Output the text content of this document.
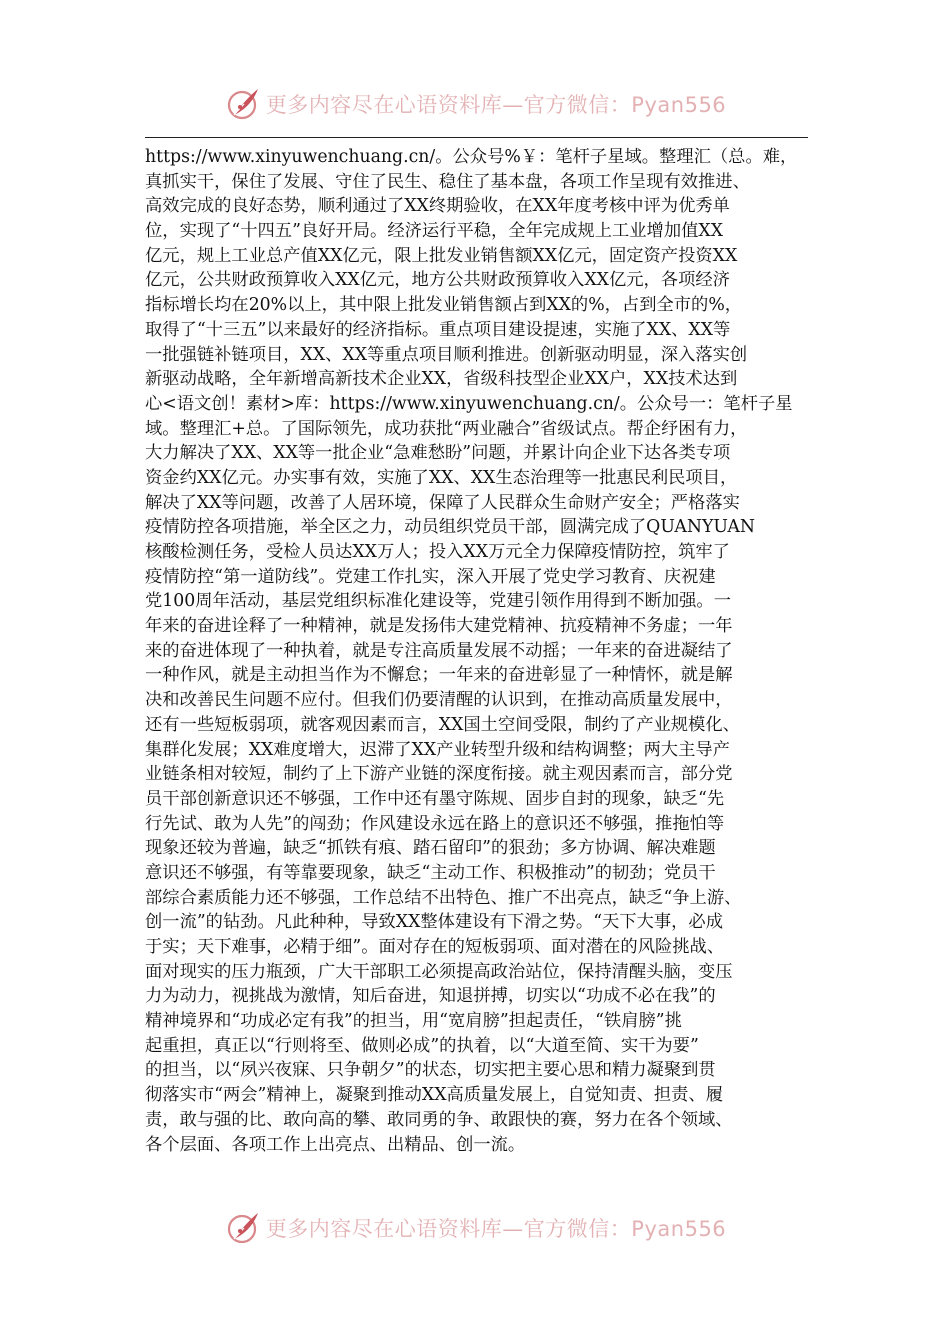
更多内容尽在心语资料库—官方微信：Pyan556
https://www.xinyuwenchuang.cn/。公众号%￥：笔杆子星域。整理汇（总。难，
真抓实干，保住了发展、守住了民生、稳住了基本盘，各项工作呈现有效推进、
高效完成的良好态势，顺利通过了XX终期验收，在XX年度考核中评为优秀单
位，实现了“十四五”良好开局。经济运行平稳，全年完成规上工业增加值XX
亿元，规上工业总产值XX亿元，限上批发业销售额XX亿元，固定资产投资XX
亿元，公共财政预算收入XX亿元，地方公共财政预算收入XX亿元，各项经济
指标增长均在20%以上，其中限上批发业销售额占到XX的%，占到全市的%，
取得了“十三五”以来最好的经济指标。重点项目建设提速，实施了XX、XX等
一批强链补链项目，XX、XX等重点项目顺利推进。创新驱动明显，深入落实创
新驱动战略，全年新增高新技术企业XX，省级科技型企业XX户，XX技术达到
心<语文创！素材>库：https://www.xinyuwenchuang.cn/。公众号一：笔杆子星
域。整理汇+总。了国际领先，成功获批“两业融合”省级试点。帮企纾困有力，
大力解决了XX、XX等一批企业“急难愁盼”问题，并累计向企业下达各类专项
资金约XX亿元。办实事有效，实施了XX、XX生态治理等一批惠民利民项目，
解决了XX等问题，改善了人居环境，保障了人民群众生命财产安全；严格落实
疫情防控各项措施，举全区之力，动员组织党员干部，圆满完成了QUANYUAN
核酸检测任务，受检人员达XX万人；投入XX万元全力保障疫情防控，筑牢了
疫情防控“第一道防线”。党建工作扎实，深入开展了党史学习教育、庆祝建
党100周年活动，基层党组织标准化建设等，党建引领作用得到不断加强。一
年来的奋进诠释了一种精神，就是发扬伟大建党精神、抗疫精神不务虚；一年
来的奋进体现了一种执着，就是专注高质量发展不动摇；一年来的奋进凝结了
一种作风，就是主动担当作为不懈怠；一年来的奋进彰显了一种情怀，就是解
决和改善民生问题不应付。但我们仍要清醒的认识到，在推动高质量发展中，
还有一些短板弱项，就客观因素而言，XX国土空间受限，制约了产业规模化、
集群化发展；XX难度增大，迟滞了XX产业转型升级和结构调整；两大主导产
业链条相对较短，制约了上下游产业链的深度衔接。就主观因素而言，部分党
员干部创新意识还不够强，工作中还有墨守陈规、固步自封的现象，缺乏“先
行先试、敢为人先”的闯劲；作风建设永远在路上的意识还不够强，推拖怕等
现象还较为普遍，缺乏“抓铁有痕、踏石留印”的狠劲；多方协调、解决难题
意识还不够强，有等靠要现象，缺乏“主动工作、积极推动”的韧劲；党员干
部综合素质能力还不够强，工作总结不出特色、推广不出亮点，缺乏“争上游、
创一流”的钻劲。凡此种种，导致XX整体建设有下滑之势。“天下大事，必成
于实；天下难事，必精于细”。面对存在的短板弱项、面对潜在的风险挑战、
面对现实的压力瓶颈，广大干部职工必须提高政治站位，保持清醒头脑，变压
力为动力，视挑战为激情，知后奋进，知退拼搏，切实以“功成不必在我”的
精神境界和“功成必定有我”的担当，用“宽肩膀”担起责任，“铁肩膀”挑
起重担，真正以“行则将至、做则必成”的执着，以“大道至简、实干为要”
的担当，以“夙兴夜寐、只争朝夕”的状态，切实把主要心思和精力凝聚到贯
彻落实市“两会”精神上，凝聚到推动XX高质量发展上，自觉知责、担责、履
责，敢与强的比、敢向高的攀、敢同勇的争、敢跟快的赛，努力在各个领域、
各个层面、各项工作上出亮点、出精品、创一流。
更多内容尽在心语资料库—官方微信：Pyan556
